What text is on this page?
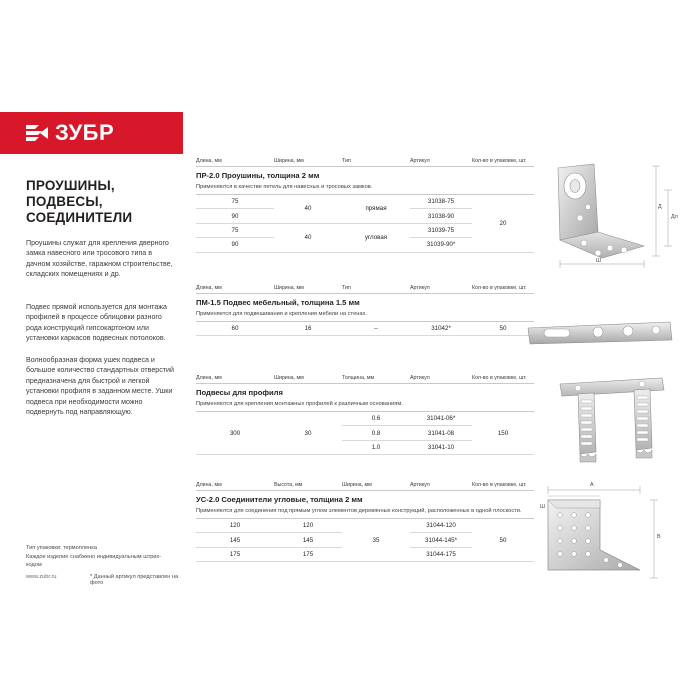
ЗУБР
ПРОУШИНЫ,
ПОДВЕСЫ,
СОЕДИНИТЕЛИ
Проушины служат для крепления дверного замка навесного или тросового типа в дачном хозяйстве, гаражном строительстве, складских помещениях и др.
Подвес прямой используется для монтажа профилей в процессе облицовки разного рода конструкций гипсокартоном или установки каркасов подвесных потолоков.
Волнообразная форма ушек подвеса и большое количество стандартных отверстий предназначена для быстрой и легкой установки профиля в заданном месте. Ушки подвеса при необходимости можно подвернуть под направляющую.
Тип упаковки: термопленка
Каждое изделие снабжено индивидуальным штрих-кодом
www.zubr.ru	* Данный артикул представлен на фото
Длина, мм	Ширина, мм	Тип	Артикул	Кол-во в упаковке, шт.
ПР-2.0 Проушины, толщина 2 мм
Применяются в качестве петель для навесных и тросовых замков.
75	40	прямая	31038-75	20
90			31038-90	
75	40	угловая	31039-75	
90			31039-90*	
Длина, мм	Ширина, мм	Тип	Артикул	Кол-во в упаковке, шт.
ПМ-1.5 Подвес мебельный, толщина 1.5 мм
Применяется для подвешивания и крепления мебели на стенах.
60	16	–	31042*	50
Длина, мм	Ширина, мм	Толщина, мм	Артикул	Кол-во в упаковке, шт.
Подвесы для профиля
Применяются для крепления монтажных профилей к различным основаниям.
300	30	0.6	31041-06*	150
		0.8	31041-08	
		1.0	31041-10	
Длина, мм	Высота, мм	Ширина, мм	Артикул	Кол-во в упаковке, шт.
УС-2.0 Соединители угловые, толщина 2 мм
Применяются для соединения под прямым углом элементов деревянных конструкций, расположенных в одной плоскости.
120	120	35	31044-120	50
145	145		31044-145*	
175	175		31044-175	
Ш
Д
Дл
А
Ш
В
